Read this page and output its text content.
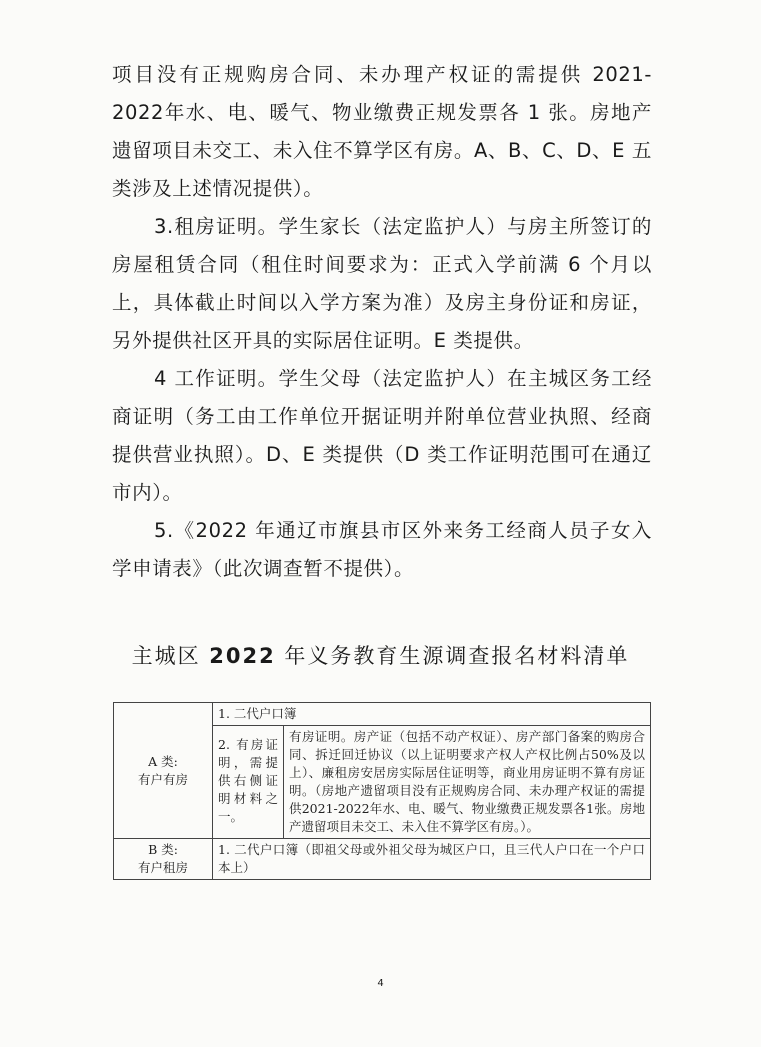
项目没有正规购房合同、未办理产权证的需提供 2021-2022年水、电、暖气、物业缴费正规发票各 1 张。房地产遗留项目未交工、未入住不算学区有房。A、B、C、D、E 五类涉及上述情况提供）。

3.租房证明。学生家长（法定监护人）与房主所签订的房屋租赁合同（租住时间要求为：正式入学前满 6 个月以上，具体截止时间以入学方案为准）及房主身份证和房证，另外提供社区开具的实际居住证明。E 类提供。

4 工作证明。学生父母（法定监护人）在主城区务工经商证明（务工由工作单位开据证明并附单位营业执照、经商提供营业执照）。D、E 类提供（D 类工作证明范围可在通辽市内）。

5.《2022 年通辽市旗县市区外来务工经商人员子女入学申请表》（此次调查暂不提供）。

主城区 2022 年义务教育生源调查报名材料清单
A 类:
有户有房	1. 二代户口簿	
	2. 有房证明，需提供右侧证明材料之一。	有房证明。房产证（包括不动产权证）、房产部门备案的购房合同、拆迁回迁协议（以上证明要求产权人产权比例占50%及以上）、廉租房安居房实际居住证明等，商业用房证明不算有房证明。（房地产遗留项目没有正规购房合同、未办理产权证的需提供2021-2022年水、电、暖气、物业缴费正规发票各1张。房地产遗留项目未交工、未入住不算学区有房。）。

B 类:
有户租房	1. 二代户口簿（即祖父母或外祖父母为城区户口，且三代人户口在一个户口本上）	
4
